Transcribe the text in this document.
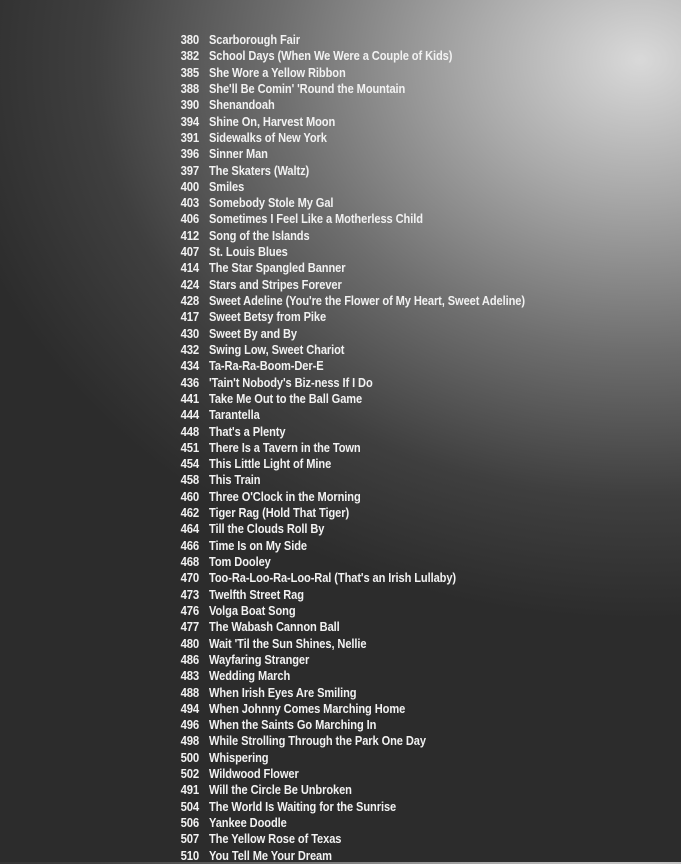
380 Scarborough Fair
382 School Days (When We Were a Couple of Kids)
385 She Wore a Yellow Ribbon
388 She'll Be Comin' 'Round the Mountain
390 Shenandoah
394 Shine On, Harvest Moon
391 Sidewalks of New York
396 Sinner Man
397 The Skaters (Waltz)
400 Smiles
403 Somebody Stole My Gal
406 Sometimes I Feel Like a Motherless Child
412 Song of the Islands
407 St. Louis Blues
414 The Star Spangled Banner
424 Stars and Stripes Forever
428 Sweet Adeline (You're the Flower of My Heart, Sweet Adeline)
417 Sweet Betsy from Pike
430 Sweet By and By
432 Swing Low, Sweet Chariot
434 Ta-Ra-Ra-Boom-Der-E
436 'Tain't Nobody's Biz-ness If I Do
441 Take Me Out to the Ball Game
444 Tarantella
448 That's a Plenty
451 There Is a Tavern in the Town
454 This Little Light of Mine
458 This Train
460 Three O'Clock in the Morning
462 Tiger Rag (Hold That Tiger)
464 Till the Clouds Roll By
466 Time Is on My Side
468 Tom Dooley
470 Too-Ra-Loo-Ra-Loo-Ral (That's an Irish Lullaby)
473 Twelfth Street Rag
476 Volga Boat Song
477 The Wabash Cannon Ball
480 Wait 'Til the Sun Shines, Nellie
486 Wayfaring Stranger
483 Wedding March
488 When Irish Eyes Are Smiling
494 When Johnny Comes Marching Home
496 When the Saints Go Marching In
498 While Strolling Through the Park One Day
500 Whispering
502 Wildwood Flower
491 Will the Circle Be Unbroken
504 The World Is Waiting for the Sunrise
506 Yankee Doodle
507 The Yellow Rose of Texas
510 You Tell Me Your Dream
